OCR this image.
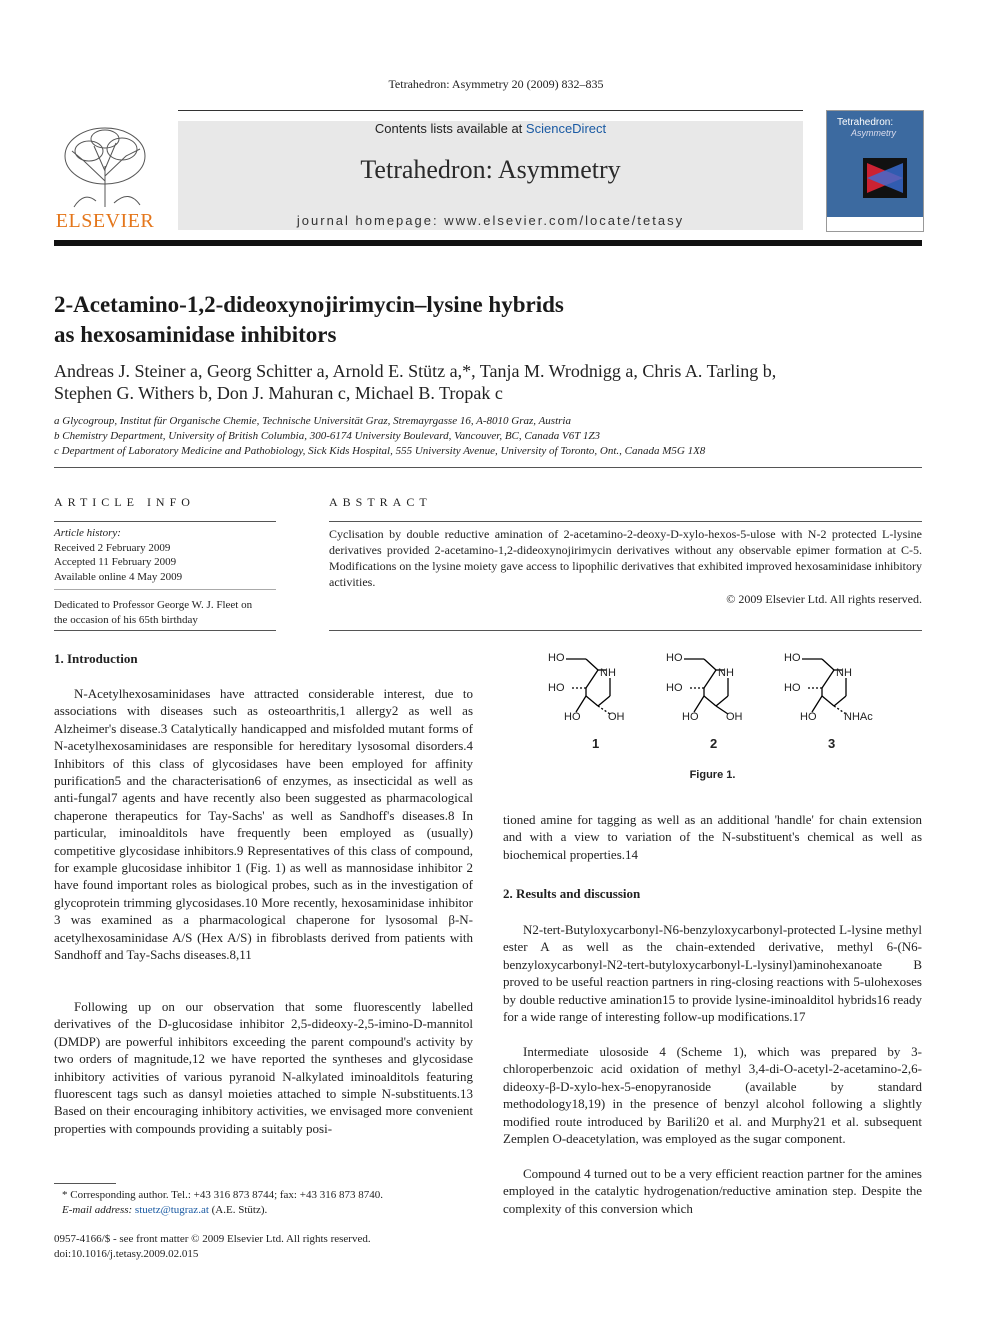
Tetrahedron: Asymmetry 20 (2009) 832–835
ELSEVIER
Contents lists available at ScienceDirect
Tetrahedron: Asymmetry
journal homepage: www.elsevier.com/locate/tetasy
Tetrahedron:
Asymmetry
2-Acetamino-1,2-dideoxynojirimycin–lysine hybrids
as hexosaminidase inhibitors
Andreas J. Steiner a, Georg Schitter a, Arnold E. Stütz a,*, Tanja M. Wrodnigg a, Chris A. Tarling b,
Stephen G. Withers b, Don J. Mahuran c, Michael B. Tropak c
a Glycogroup, Institut für Organische Chemie, Technische Universität Graz, Stremayrgasse 16, A-8010 Graz, Austria
b Chemistry Department, University of British Columbia, 300-6174 University Boulevard, Vancouver, BC, Canada V6T 1Z3
c Department of Laboratory Medicine and Pathobiology, Sick Kids Hospital, 555 University Avenue, University of Toronto, Ont., Canada M5G 1X8
ARTICLE INFO
Article history:
Received 2 February 2009
Accepted 11 February 2009
Available online 4 May 2009
Dedicated to Professor George W. J. Fleet on
the occasion of his 65th birthday
ABSTRACT
Cyclisation by double reductive amination of 2-acetamino-2-deoxy-D-xylo-hexos-5-ulose with N-2 protected L-lysine derivatives provided 2-acetamino-1,2-dideoxynojirimycin derivatives without any observable epimer formation at C-5. Modifications on the lysine moiety gave access to lipophilic derivatives that exhibited improved hexosaminidase inhibitory activities.
© 2009 Elsevier Ltd. All rights reserved.
1. Introduction
N-Acetylhexosaminidases have attracted considerable interest, due to associations with diseases such as osteoarthritis,1 allergy2 as well as Alzheimer's disease.3 Catalytically handicapped and misfolded mutant forms of N-acetylhexosaminidases are responsible for hereditary lysosomal disorders.4 Inhibitors of this class of glycosidases have been employed for affinity purification5 and the characterisation6 of enzymes, as insecticidal as well as anti-fungal7 agents and have recently also been suggested as pharmacological chaperone therapeutics for Tay-Sachs' as well as Sandhoff's diseases.8 In particular, iminoalditols have frequently been employed as (usually) competitive glycosidase inhibitors.9 Representatives of this class of compound, for example glucosidase inhibitor 1 (Fig. 1) as well as mannosidase inhibitor 2 have found important roles as biological probes, such as in the investigation of glycoprotein trimming glycosidases.10 More recently, hexosaminidase inhibitor 3 was examined as a pharmacological chaperone for lysosomal β-N-acetylhexosaminidase A/S (Hex A/S) in fibroblasts derived from patients with Sandhoff and Tay-Sachs diseases.8,11
Following up on our observation that some fluorescently labelled derivatives of the D-glucosidase inhibitor 2,5-dideoxy-2,5-imino-D-mannitol (DMDP) are powerful inhibitors exceeding the parent compound's activity by two orders of magnitude,12 we have reported the syntheses and glycosidase inhibitory activities of various pyranoid N-alkylated iminoalditols featuring fluorescent tags such as dansyl moieties attached to simple N-substituents.13 Based on their encouraging inhibitory activities, we envisaged more convenient properties with compounds providing a suitably posi-
HO
NH
HO
HO	OH
1
HO
NH
HO
HO	OH
2
HO
NH
HO
HO	NHAc
3
Figure 1.
tioned amine for tagging as well as an additional 'handle' for chain extension and with a view to variation of the N-substituent's chemical as well as biochemical properties.14
2. Results and discussion
N2-tert-Butyloxycarbonyl-N6-benzyloxycarbonyl-protected L-lysine methyl ester A as well as the chain-extended derivative, methyl 6-(N6-benzyloxycarbonyl-N2-tert-butyloxycarbonyl-L-lysinyl)aminohexanoate B proved to be useful reaction partners in ring-closing reactions with 5-ulohexoses by double reductive amination15 to provide lysine-iminoalditol hybrids16 ready for a wide range of interesting follow-up modifications.17
Intermediate ulososide 4 (Scheme 1), which was prepared by 3-chloroperbenzoic acid oxidation of methyl 3,4-di-O-acetyl-2-acetamino-2,6-dideoxy-β-D-xylo-hex-5-enopyranoside (available by standard methodology18,19) in the presence of benzyl alcohol following a slightly modified route introduced by Barili20 et al. and Murphy21 et al. subsequent Zemplen O-deacetylation, was employed as the sugar component.
Compound 4 turned out to be a very efficient reaction partner for the amines employed in the catalytic hydrogenation/reductive amination step. Despite the complexity of this conversion which
* Corresponding author. Tel.: +43 316 873 8744; fax: +43 316 873 8740.
E-mail address: stuetz@tugraz.at (A.E. Stütz).
0957-4166/$ - see front matter © 2009 Elsevier Ltd. All rights reserved.
doi:10.1016/j.tetasy.2009.02.015
